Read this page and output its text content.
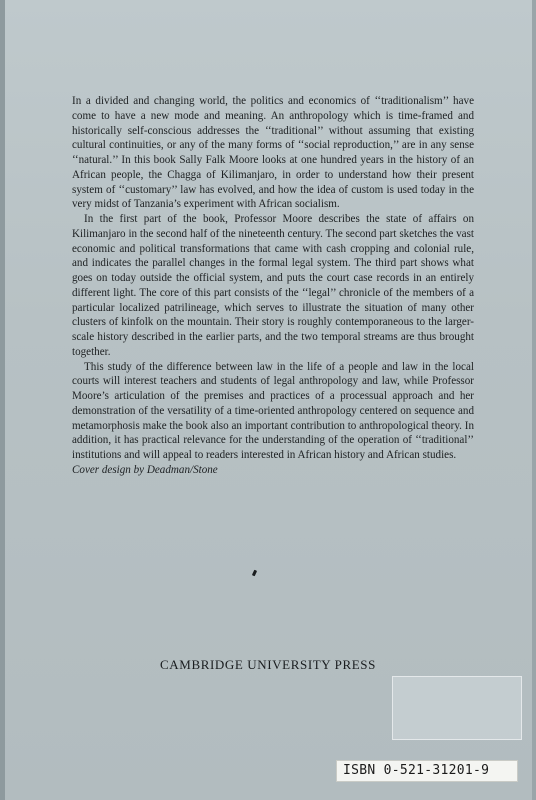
In a divided and changing world, the politics and economics of ‘‘traditionalism’’ have come to have a new mode and meaning. An anthropology which is time-framed and historically self-conscious addresses the ‘‘traditional’’ without assuming that existing cultural continuities, or any of the many forms of ‘‘social reproduction,’’ are in any sense ‘‘natural.’’ In this book Sally Falk Moore looks at one hundred years in the history of an African people, the Chagga of Kilimanjaro, in order to understand how their present system of ‘‘customary’’ law has evolved, and how the idea of custom is used today in the very midst of Tanzania’s experiment with African socialism.

In the first part of the book, Professor Moore describes the state of affairs on Kilimanjaro in the second half of the nineteenth century. The second part sketches the vast economic and political transformations that came with cash cropping and colonial rule, and indicates the parallel changes in the formal legal system. The third part shows what goes on today outside the official system, and puts the court case records in an entirely different light. The core of this part consists of the ‘‘legal’’ chronicle of the members of a particular localized patrilineage, which serves to illustrate the situation of many other clusters of kinfolk on the mountain. Their story is roughly contemporaneous to the larger-scale history described in the earlier parts, and the two temporal streams are thus brought together.

This study of the difference between law in the life of a people and law in the local courts will interest teachers and students of legal anthropology and law, while Professor Moore’s articulation of the premises and practices of a processual approach and her demonstration of the versatility of a time-oriented anthropology centered on sequence and metamorphosis make the book also an important contribution to anthropological theory. In addition, it has practical relevance for the understanding of the operation of ‘‘traditional’’ institutions and will appeal to readers interested in African history and African studies.

Cover design by Deadman/Stone

CAMBRIDGE UNIVERSITY PRESS
ISBN 0-521-31201-9
